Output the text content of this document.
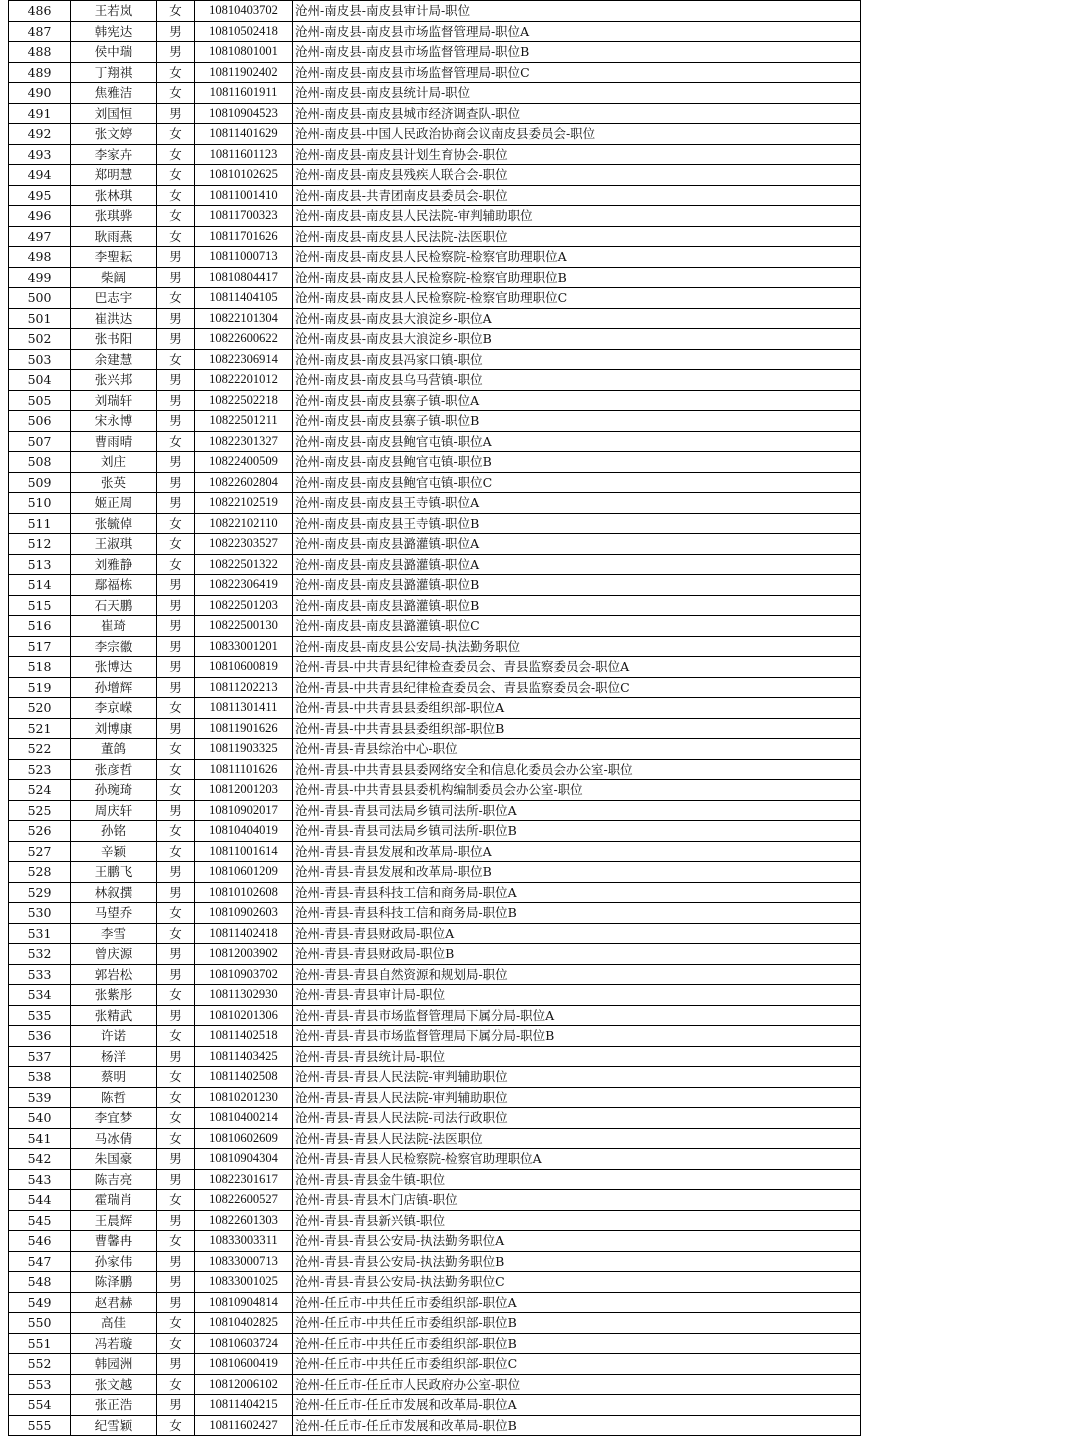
486	王若岚	女	10810403702	沧州-南皮县-南皮县审计局-职位
487	韩宪达	男	10810502418	沧州-南皮县-南皮县市场监督管理局-职位A
488	侯中瑞	男	10810801001	沧州-南皮县-南皮县市场监督管理局-职位B
489	丁翔祺	女	10811902402	沧州-南皮县-南皮县市场监督管理局-职位C
490	焦雅洁	女	10811601911	沧州-南皮县-南皮县统计局-职位
491	刘国恒	男	10810904523	沧州-南皮县-南皮县城市经济调查队-职位
492	张文婷	女	10811401629	沧州-南皮县-中国人民政治协商会议南皮县委员会-职位
493	李家卉	女	10811601123	沧州-南皮县-南皮县计划生育协会-职位
494	郑明慧	女	10810102625	沧州-南皮县-南皮县残疾人联合会-职位
495	张林琪	女	10811001410	沧州-南皮县-共青团南皮县委员会-职位
496	张琪骅	女	10811700323	沧州-南皮县-南皮县人民法院-审判辅助职位
497	耿雨燕	女	10811701626	沧州-南皮县-南皮县人民法院-法医职位
498	李聖耘	男	10811000713	沧州-南皮县-南皮县人民检察院-检察官助理职位A
499	柴阔	男	10810804417	沧州-南皮县-南皮县人民检察院-检察官助理职位B
500	巴志宇	女	10811404105	沧州-南皮县-南皮县人民检察院-检察官助理职位C
501	崔洪达	男	10822101304	沧州-南皮县-南皮县大浪淀乡-职位A
502	张书阳	男	10822600622	沧州-南皮县-南皮县大浪淀乡-职位B
503	余建慧	女	10822306914	沧州-南皮县-南皮县冯家口镇-职位
504	张兴邦	男	10822201012	沧州-南皮县-南皮县乌马营镇-职位
505	刘瑞轩	男	10822502218	沧州-南皮县-南皮县寨子镇-职位A
506	宋永博	男	10822501211	沧州-南皮县-南皮县寨子镇-职位B
507	曹雨晴	女	10822301327	沧州-南皮县-南皮县鲍官屯镇-职位A
508	刘庄	男	10822400509	沧州-南皮县-南皮县鲍官屯镇-职位B
509	张英	男	10822602804	沧州-南皮县-南皮县鲍官屯镇-职位C
510	姬正周	男	10822102519	沧州-南皮县-南皮县王寺镇-职位A
511	张毓倬	女	10822102110	沧州-南皮县-南皮县王寺镇-职位B
512	王淑琪	女	10822303527	沧州-南皮县-南皮县潞灌镇-职位A
513	刘雅静	女	10822501322	沧州-南皮县-南皮县潞灌镇-职位A
514	鄢福栋	男	10822306419	沧州-南皮县-南皮县潞灌镇-职位B
515	石天鹏	男	10822501203	沧州-南皮县-南皮县潞灌镇-职位B
516	崔琦	男	10822500130	沧州-南皮县-南皮县潞灌镇-职位C
517	李宗徽	男	10833001201	沧州-南皮县-南皮县公安局-执法勤务职位
518	张博达	男	10810600819	沧州-青县-中共青县纪律检查委员会、青县监察委员会-职位A
519	孙增辉	男	10811202213	沧州-青县-中共青县纪律检查委员会、青县监察委员会-职位C
520	李京嵘	女	10811301411	沧州-青县-中共青县县委组织部-职位A
521	刘博康	男	10811901626	沧州-青县-中共青县县委组织部-职位B
522	董鸽	女	10811903325	沧州-青县-青县综治中心-职位
523	张彦哲	女	10811101626	沧州-青县-中共青县县委网络安全和信息化委员会办公室-职位
524	孙琬琦	女	10812001203	沧州-青县-中共青县县委机构编制委员会办公室-职位
525	周庆轩	男	10810902017	沧州-青县-青县司法局乡镇司法所-职位A
526	孙铭	女	10810404019	沧州-青县-青县司法局乡镇司法所-职位B
527	辛颖	女	10811001614	沧州-青县-青县发展和改革局-职位A
528	王鹏飞	男	10810601209	沧州-青县-青县发展和改革局-职位B
529	林叙撰	男	10810102608	沧州-青县-青县科技工信和商务局-职位A
530	马望乔	女	10810902603	沧州-青县-青县科技工信和商务局-职位B
531	李雪	女	10811402418	沧州-青县-青县财政局-职位A
532	曾庆源	男	10812003902	沧州-青县-青县财政局-职位B
533	郭岩松	男	10810903702	沧州-青县-青县自然资源和规划局-职位
534	张紫彤	女	10811302930	沧州-青县-青县审计局-职位
535	张精武	男	10810201306	沧州-青县-青县市场监督管理局下属分局-职位A
536	许诺	女	10811402518	沧州-青县-青县市场监督管理局下属分局-职位B
537	杨洋	男	10811403425	沧州-青县-青县统计局-职位
538	蔡明	女	10811402508	沧州-青县-青县人民法院-审判辅助职位
539	陈哲	女	10810201230	沧州-青县-青县人民法院-审判辅助职位
540	李宜梦	女	10810400214	沧州-青县-青县人民法院-司法行政职位
541	马冰倩	女	10810602609	沧州-青县-青县人民法院-法医职位
542	朱国豪	男	10810904304	沧州-青县-青县人民检察院-检察官助理职位A
543	陈吉亮	男	10822301617	沧州-青县-青县金牛镇-职位
544	霍瑞肖	女	10822600527	沧州-青县-青县木门店镇-职位
545	王晨辉	男	10822601303	沧州-青县-青县新兴镇-职位
546	曹馨冉	女	10833003311	沧州-青县-青县公安局-执法勤务职位A
547	孙家伟	男	10833000713	沧州-青县-青县公安局-执法勤务职位B
548	陈泽鹏	男	10833001025	沧州-青县-青县公安局-执法勤务职位C
549	赵君赫	男	10810904814	沧州-任丘市-中共任丘市委组织部-职位A
550	高佳	女	10810402825	沧州-任丘市-中共任丘市委组织部-职位B
551	冯若璇	女	10810603724	沧州-任丘市-中共任丘市委组织部-职位B
552	韩园洲	男	10810600419	沧州-任丘市-中共任丘市委组织部-职位C
553	张文越	女	10812006102	沧州-任丘市-任丘市人民政府办公室-职位
554	张正浩	男	10811404215	沧州-任丘市-任丘市发展和改革局-职位A
555	纪雪颖	女	10811602427	沧州-任丘市-任丘市发展和改革局-职位B
